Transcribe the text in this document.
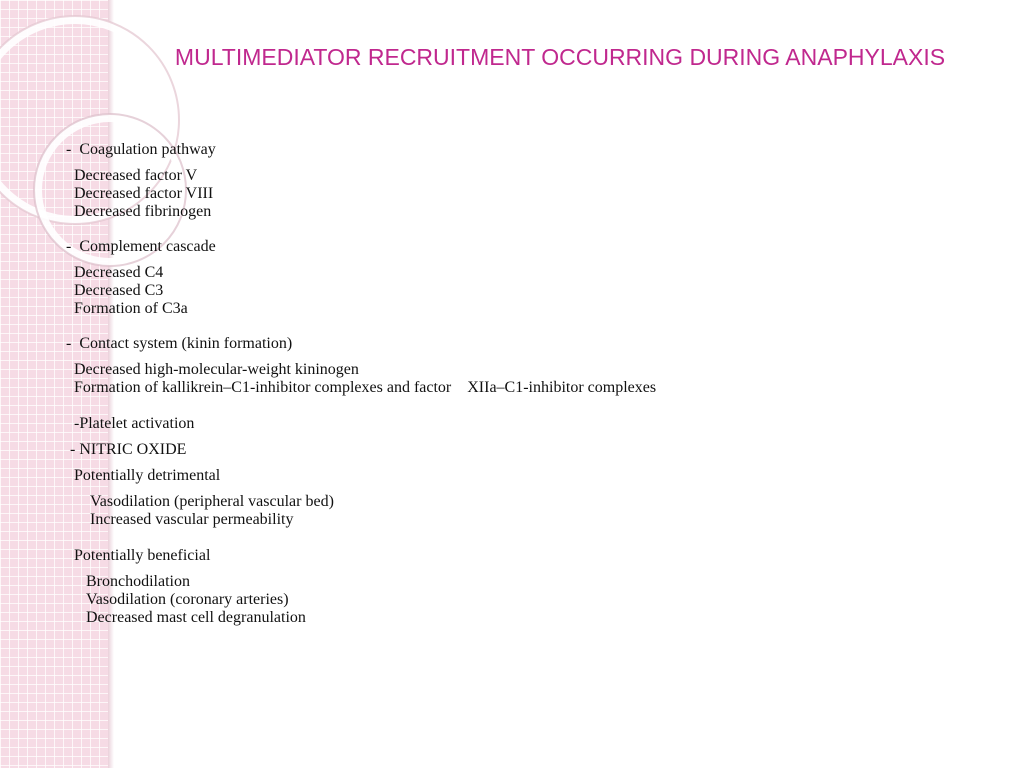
MULTIMEDIATOR RECRUITMENT OCCURRING DURING ANAPHYLAXIS
-  Coagulation pathway
Decreased factor V
Decreased factor VIII
Decreased fibrinogen
-  Complement cascade
Decreased C4
Decreased C3
Formation of C3a
-  Contact system (kinin formation)
Decreased high-molecular-weight kininogen
Formation of kallikrein–C1-inhibitor complexes and factor    XIIa–C1-inhibitor complexes
-Platelet activation
- NITRIC OXIDE
Potentially detrimental
Vasodilation (peripheral vascular bed)
Increased vascular permeability
Potentially beneficial
Bronchodilation
Vasodilation (coronary arteries)
Decreased mast cell degranulation
